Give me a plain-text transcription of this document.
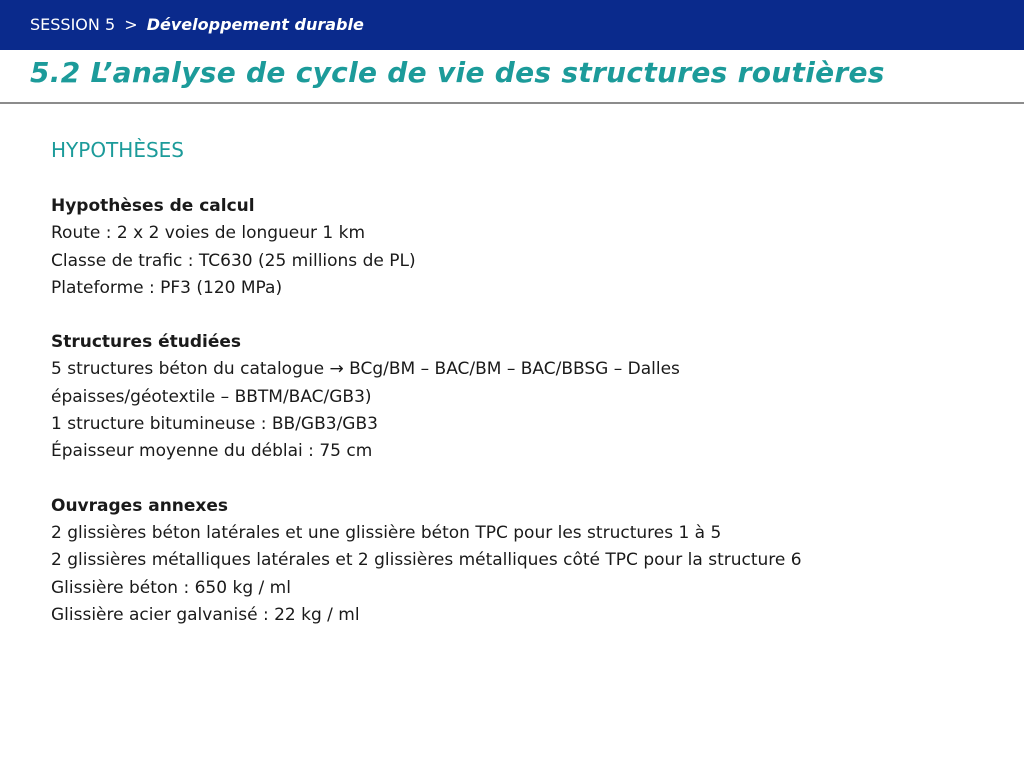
SESSION 5 > Développement durable
5.2 L’analyse de cycle de vie des structures routières
HYPOTHÈSES
Hypothèses de calcul
Route : 2 x 2 voies de longueur 1 km
Classe de trafic : TC630 (25 millions de PL)
Plateforme : PF3 (120 MPa)
Structures étudiées
5 structures béton du catalogue → BCg/BM – BAC/BM – BAC/BBSG – Dalles épaisses/géotextile – BBTM/BAC/GB3)
1 structure bitumineuse : BB/GB3/GB3
Épaisseur moyenne du déblai : 75 cm
Ouvrages annexes
2 glissières béton latérales et une glissière béton TPC pour les structures 1 à 5
2 glissières métalliques latérales et 2 glissières métalliques côté TPC pour la structure 6
Glissière béton : 650 kg / ml
Glissière acier galvanisé : 22 kg / ml
